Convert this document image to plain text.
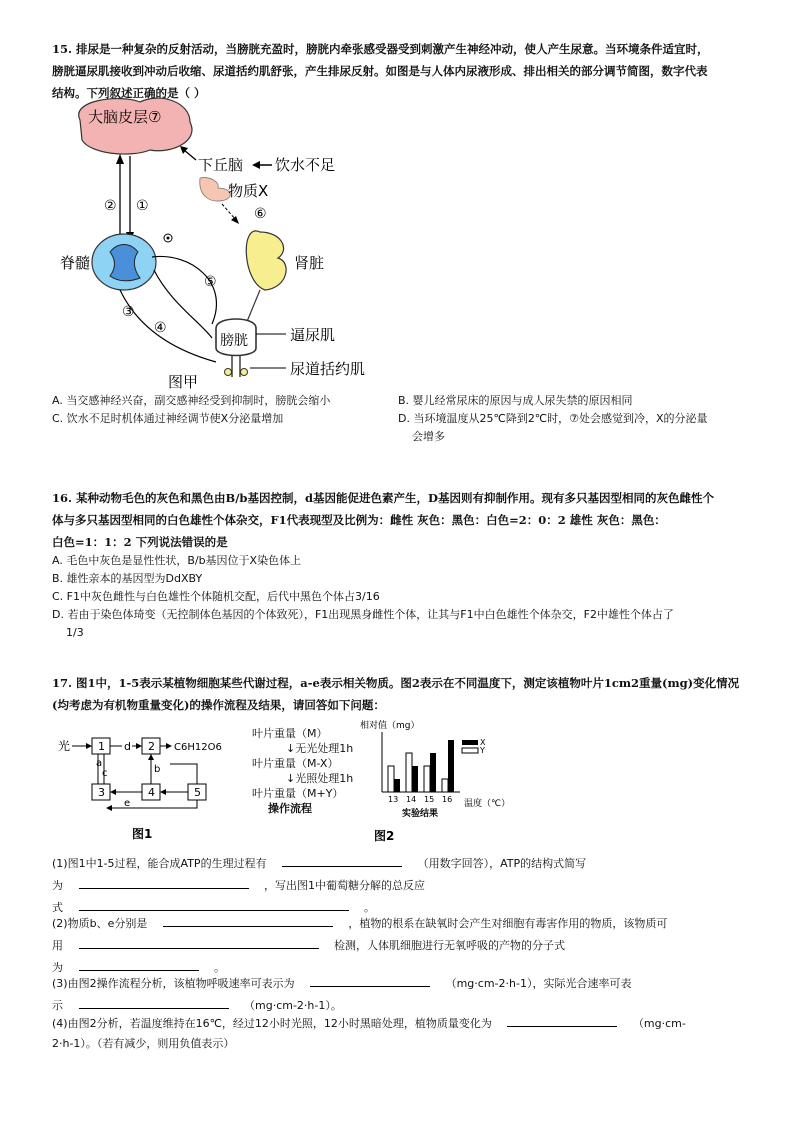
15. 排尿是一种复杂的反射活动，当膀胱充盈时，膀胱内牵张感受器受到刺激产生神经冲动，使人产生尿意。当环境条件适宜时，
膀胱逼尿肌接收到冲动后收缩、尿道括约肌舒张，产生排尿反射。如图是与人体内尿液形成、排出相关的部分调节简图，数字代表
结构。下列叙述正确的是（ ）
大脑皮层⑦
下丘脑 饮水不足
物质X
⑥
② ①
脊髓	肾脏
⑤
③
④
膀胱	逼尿肌
尿道括约肌
图甲
A. 当交感神经兴奋，副交感神经受到抑制时，膀胱会缩小	B. 婴儿经常尿床的原因与成人尿失禁的原因相同
C. 饮水不足时机体通过神经调节使X分泌量增加	D. 当环境温度从25℃降到2℃时，⑦处会感觉到冷，X的分泌量
会增多
16. 某种动物毛色的灰色和黑色由B/b基因控制，d基因能促进色素产生，D基因则有抑制作用。现有多只基因型相同的灰色雌性个
体与多只基因型相同的白色雄性个体杂交，F1代表现型及比例为：雌性 灰色：黑色：白色=2：0：2 雄性 灰色：黑色：
白色=1：1：2 下列说法错误的是
A. 毛色中灰色是显性性状，B/b基因位于X染色体上
B. 雄性亲本的基因型为DdXBY
C. F1中灰色雌性与白色雄性个体随机交配，后代中黑色个体占3/16
D. 若由于染色体琦变（无控制体色基因的个体致死），F1出现黑身雌性个体，让其与F1中白色雄性个体杂交，F2中雄性个体占了
1/3
17. 图1中，1-5表示某植物细胞某些代谢过程，a-e表示相关物质。图2表示在不同温度下，测定该植物叶片1cm2重量(mg)变化情况
(均考虑为有机物重量变化)的操作流程及结果，请回答如下问题：
光	1 d 2 C6H12O6
a
c	b
3	4	5
e
图1
叶片重量（M）
↓无光处理1h
叶片重量（M-X）
↓光照处理1h
叶片重量（M+Y）
操作流程
相对值（mg）
13 14 15 16
X
Y
温度（℃）
实验结果
图2
(1)图1中1-5过程，能合成ATP的生理过程有	（用数字回答），ATP的结构式简写
为	，写出图1中葡萄糖分解的总反应
式	。
(2)物质b、e分别是	，植物的根系在缺氧时会产生对细胞有毒害作用的物质，该物质可
用	检测，人体肌细胞进行无氧呼吸的产物的分子式
为	。
(3)由图2操作流程分析，该植物呼吸速率可表示为	（mg·cm-2·h-1），实际光合速率可表
示	（mg·cm-2·h-1）。
(4)由图2分析，若温度维持在16℃，经过12小时光照，12小时黑暗处理，植物质量变化为	（mg·cm-
2·h-1）。（若有减少，则用负值表示）
